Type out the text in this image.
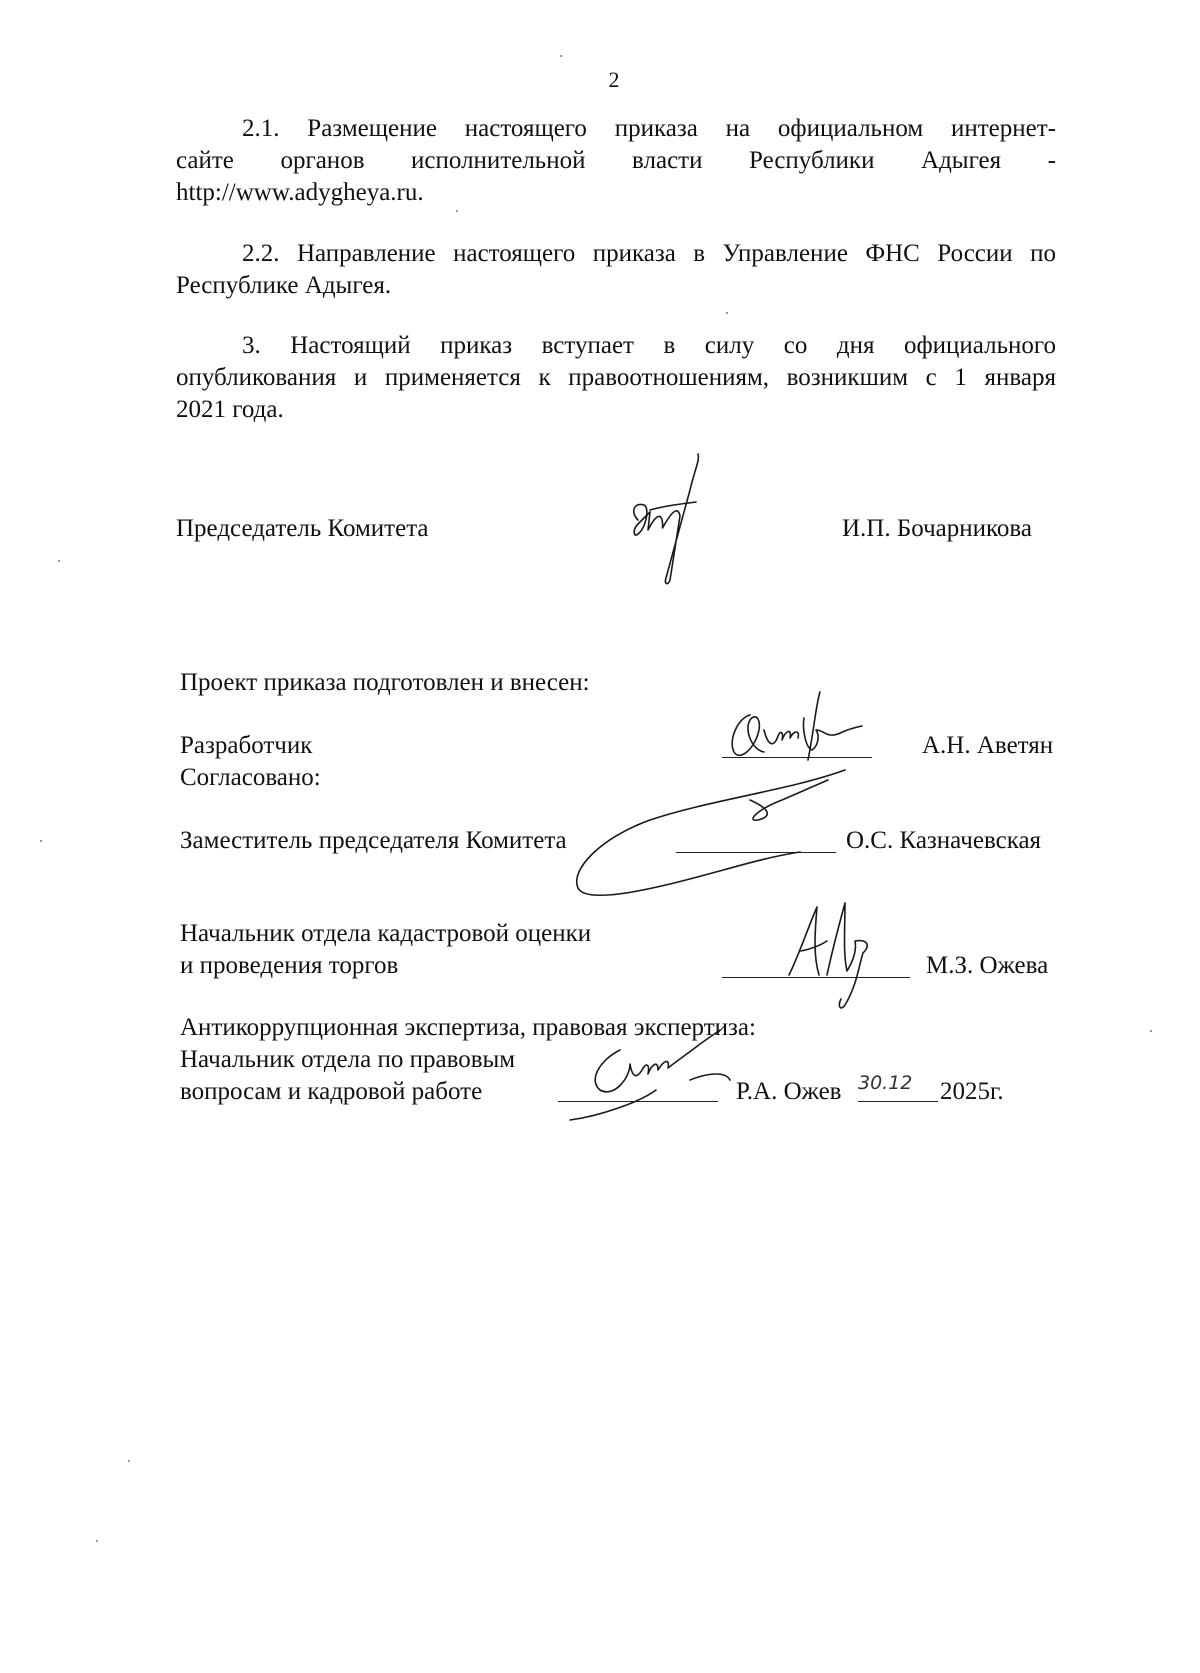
2
2.1. Размещение настоящего приказа на официальном интернет-
сайте органов исполнительной власти Республики Адыгея -
http://www.adygheya.ru.
2.2. Направление настоящего приказа в Управление ФНС России по
Республике Адыгея.
3. Настоящий приказ вступает в силу со дня официального
опубликования и применяется к правоотношениям, возникшим с 1 января
2021 года.
Председатель Комитета	И.П. Бочарникова
Проект приказа подготовлен и внесен:
Разработчик
Согласовано:
А.Н. Аветян
Заместитель председателя Комитета	О.С. Казначевская
Начальник отдела кадастровой оценки
и проведения торгов	М.З. Ожева
Антикоррупционная экспертиза, правовая экспертиза:
Начальник отдела по правовым
вопросам и кадровой работе	Р.А. Ожев 30.12 2025г.
